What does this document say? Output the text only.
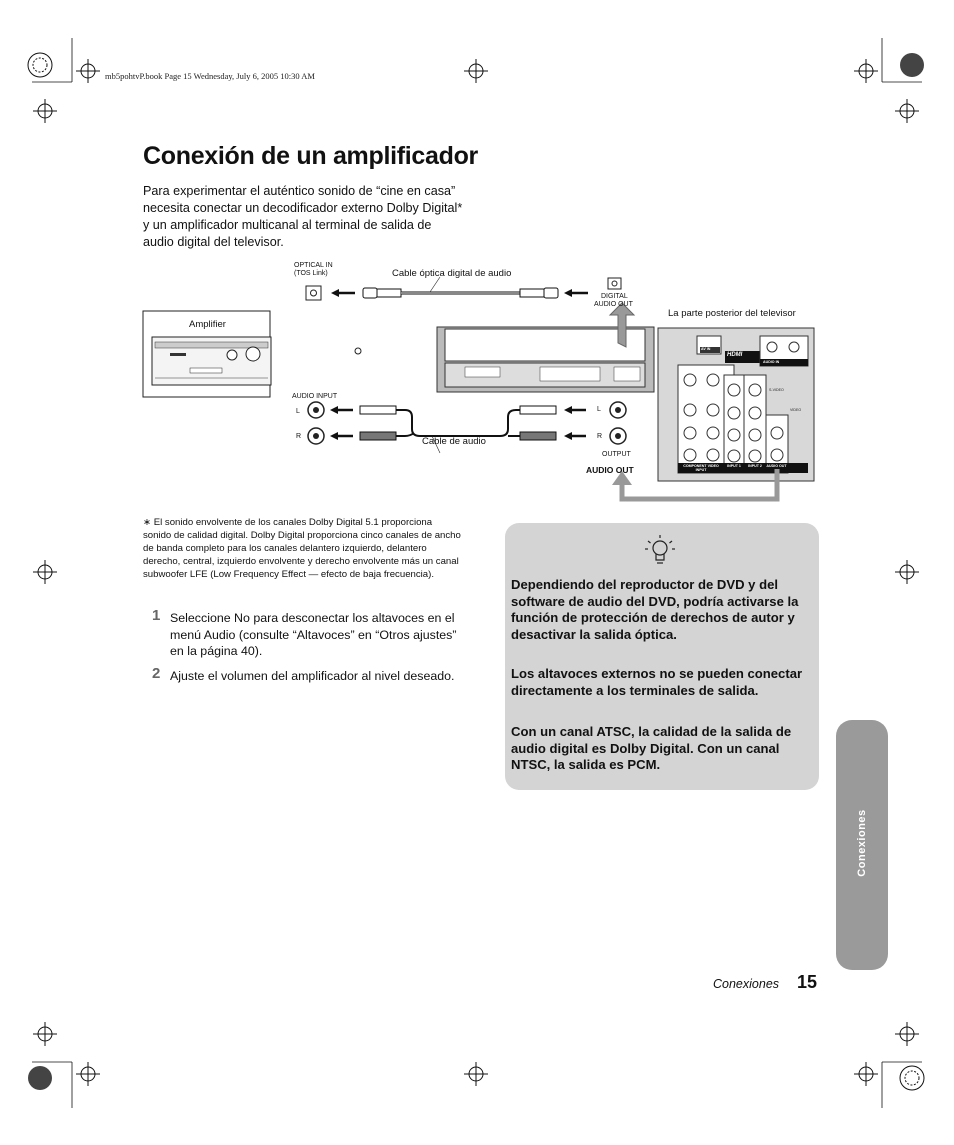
mb5pohtvP.book Page 15 Wednesday, July 6, 2005 10:30 AM
Conexión de un amplificador

Para experimentar el auténtico sonido de “cine en casa” necesita conectar un decodificador externo Dolby Digital* y un amplificador multicanal al terminal de salida de audio digital del televisor.

OPTICAL IN
(TOS Link)	Cable óptica digital de audio
DIGITAL
AUDIO OUT
La parte posterior del televisor
Amplifier
AUDIO INPUT
L
R
L
R
Cable de audio
OUTPUT
AUDIO OUT	COMPONENT VIDEO INPUT
INPUT 1	INPUT 2	AUDIO OUT
HDMI
AUDIO IN
AV IN
S-VIDEO
VIDEO

∗ El sonido envolvente de los canales Dolby Digital 5.1 proporciona sonido de calidad digital. Dolby Digital proporciona cinco canales de ancho de banda completo para los canales delantero izquierdo, delantero derecho, central, izquierdo envolvente y derecho envolvente más un canal subwoofer LFE (Low Frequency Effect — efecto de baja frecuencia).

1 Seleccione No para desconectar los altavoces en el menú Audio (consulte “Altavoces” en “Otros ajustes” en la página 40).
2 Ajuste el volumen del amplificador al nivel deseado.

Dependiendo del reproductor de DVD y del software de audio del DVD, podría activarse la función de protección de derechos de autor y desactivar la salida óptica.

Los altavoces externos no se pueden conectar directamente a los terminales de salida.

Con un canal ATSC, la calidad de la salida de audio digital es Dolby Digital. Con un canal NTSC, la salida es PCM.

Conexiones
Conexiones 15
